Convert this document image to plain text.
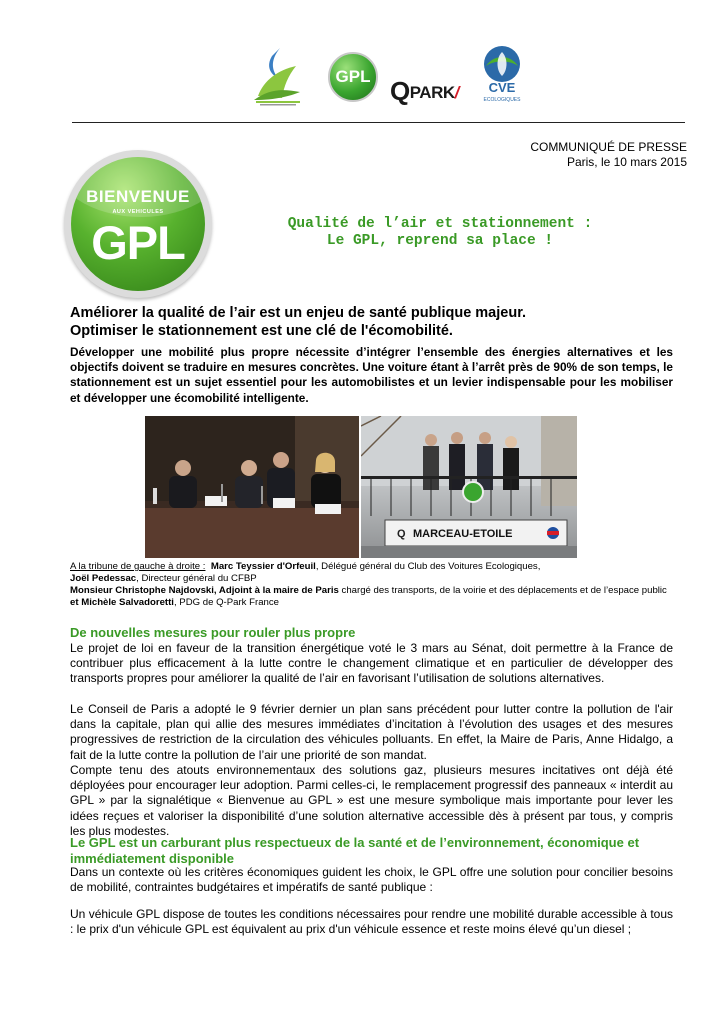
GPL QPARK/	CVE
ECOLOGIQUES
COMMUNIQUÉ DE PRESSE
Paris, le 10 mars 2015
BIENVENUE
AUX VEHICULES
GPL	Qualité de l’air et stationnement :
Le GPL, reprend sa place !
Améliorer la qualité de l’air est un enjeu de santé publique majeur.
Optimiser le stationnement est une clé de l'écomobilité.
Développer une mobilité plus propre nécessite d’intégrer l’ensemble des énergies alternatives et les objectifs doivent se traduire en mesures concrètes. Une voiture étant à l’arrêt près de 90% de son temps, le stationnement est un sujet essentiel pour les automobilistes et un levier indispensable pour les mobiliser et développer une écomobilité intelligente.
Q MARCEAU-ETOILE
A la tribune de gauche à droite : Marc Teyssier d'Orfeuil, Délégué général du Club des Voitures Ecologiques,
Joël Pedessac, Directeur général du CFBP
Monsieur Christophe Najdovski, Adjoint à la maire de Paris chargé des transports, de la voirie et des déplacements et de l’espace public
et Michèle Salvadoretti, PDG de Q-Park France
De nouvelles mesures pour rouler plus propre
Le projet de loi en faveur de la transition énergétique voté le 3 mars au Sénat, doit permettre à la France de contribuer plus efficacement à la lutte contre le changement climatique et en particulier de développer des transports propres pour améliorer la qualité de l’air en favorisant l’utilisation de solutions alternatives.
Le Conseil de Paris a adopté le 9 février dernier un plan sans précédent pour lutter contre la pollution de l'air dans la capitale, plan qui allie des mesures immédiates d’incitation à l’évolution des usages et des mesures progressives de restriction de la circulation des véhicules polluants. En effet, la Maire de Paris, Anne Hidalgo, a fait de la lutte contre la pollution de l’air une priorité de son mandat.
Compte tenu des atouts environnementaux des solutions gaz, plusieurs mesures incitatives ont déjà été déployées pour encourager leur adoption. Parmi celles-ci, le remplacement progressif des panneaux « interdit au GPL » par la signalétique « Bienvenue au GPL » est une mesure symbolique mais importante pour lever les idées reçues et valoriser la disponibilité d’une solution alternative accessible dès à présent par tous, y compris les plus modestes.
Le GPL est un carburant plus respectueux de la santé et de l’environnement, économique et
immédiatement disponible
Dans un contexte où les critères économiques guident les choix, le GPL offre une solution pour concilier besoins de mobilité, contraintes budgétaires et impératifs de santé publique :
Un véhicule GPL dispose de toutes les conditions nécessaires pour rendre une mobilité durable accessible à tous : le prix d'un véhicule GPL est équivalent au prix d'un véhicule essence et reste moins élevé qu’un diesel ;
